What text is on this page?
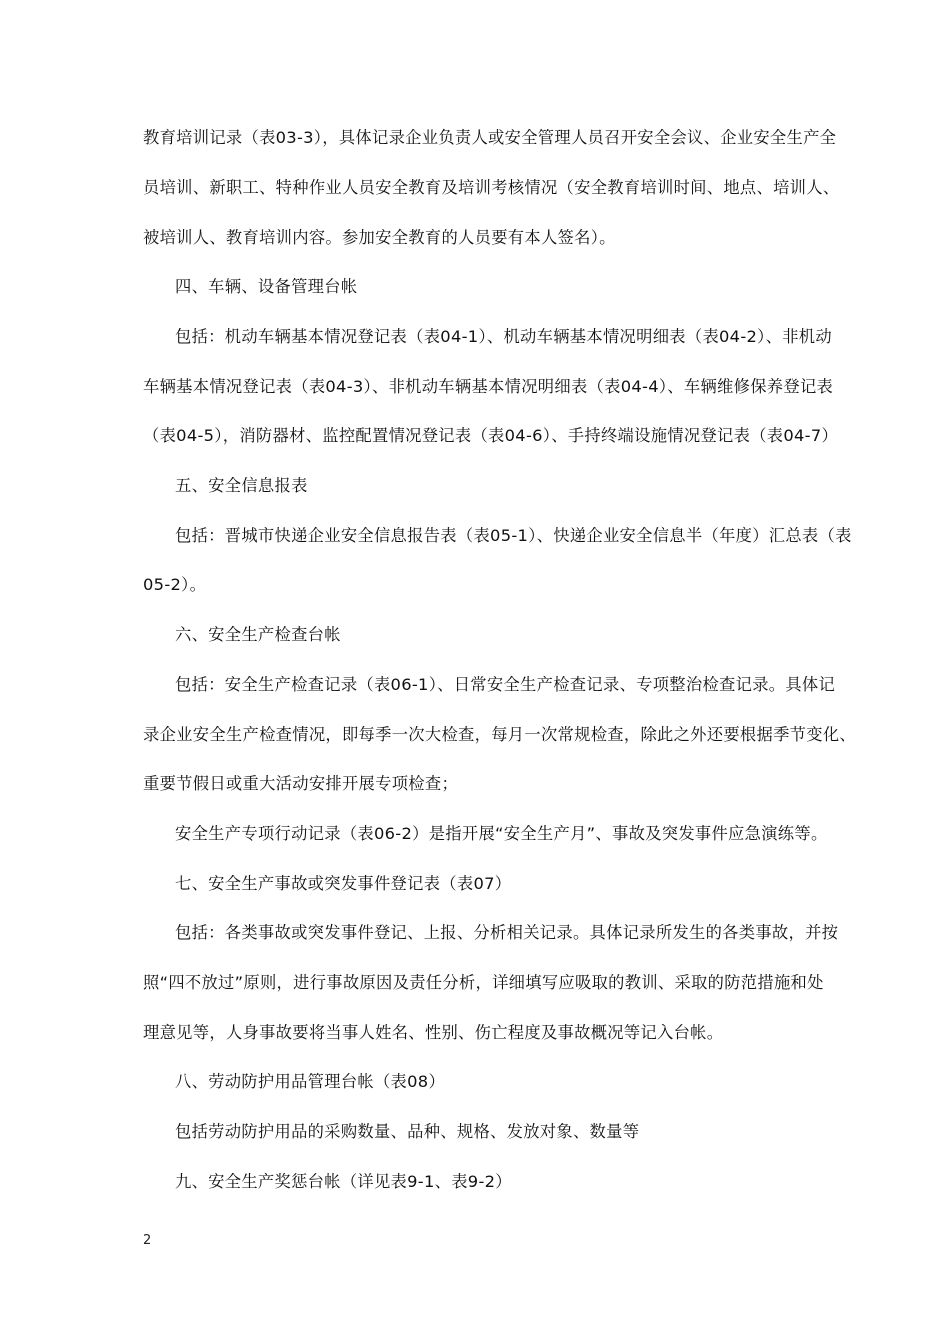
教育培训记录（表03-3），具体记录企业负责人或安全管理人员召开安全会议、企业安全生产全
员培训、新职工、特种作业人员安全教育及培训考核情况（安全教育培训时间、地点、培训人、
被培训人、教育培训内容。参加安全教育的人员要有本人签名）。
四、车辆、设备管理台帐
包括：机动车辆基本情况登记表（表04-1）、机动车辆基本情况明细表（表04-2）、非机动
车辆基本情况登记表（表04-3）、非机动车辆基本情况明细表（表04-4）、车辆维修保养登记表
（表04-5），消防器材、监控配置情况登记表（表04-6）、手持终端设施情况登记表（表04-7）
五、安全信息报表
包括：晋城市快递企业安全信息报告表（表05-1）、快递企业安全信息半（年度）汇总表（表
05-2）。
六、安全生产检查台帐
包括：安全生产检查记录（表06-1）、日常安全生产检查记录、专项整治检查记录。具体记
录企业安全生产检查情况，即每季一次大检查，每月一次常规检查，除此之外还要根据季节变化、
重要节假日或重大活动安排开展专项检查；
安全生产专项行动记录（表06-2）是指开展“安全生产月”、事故及突发事件应急演练等。
七、安全生产事故或突发事件登记表（表07）
包括：各类事故或突发事件登记、上报、分析相关记录。具体记录所发生的各类事故，并按
照“四不放过”原则，进行事故原因及责任分析，详细填写应吸取的教训、采取的防范措施和处
理意见等，人身事故要将当事人姓名、性别、伤亡程度及事故概况等记入台帐。
八、劳动防护用品管理台帐（表08）
包括劳动防护用品的采购数量、品种、规格、发放对象、数量等
九、安全生产奖惩台帐（详见表9-1、表9-2）
2
